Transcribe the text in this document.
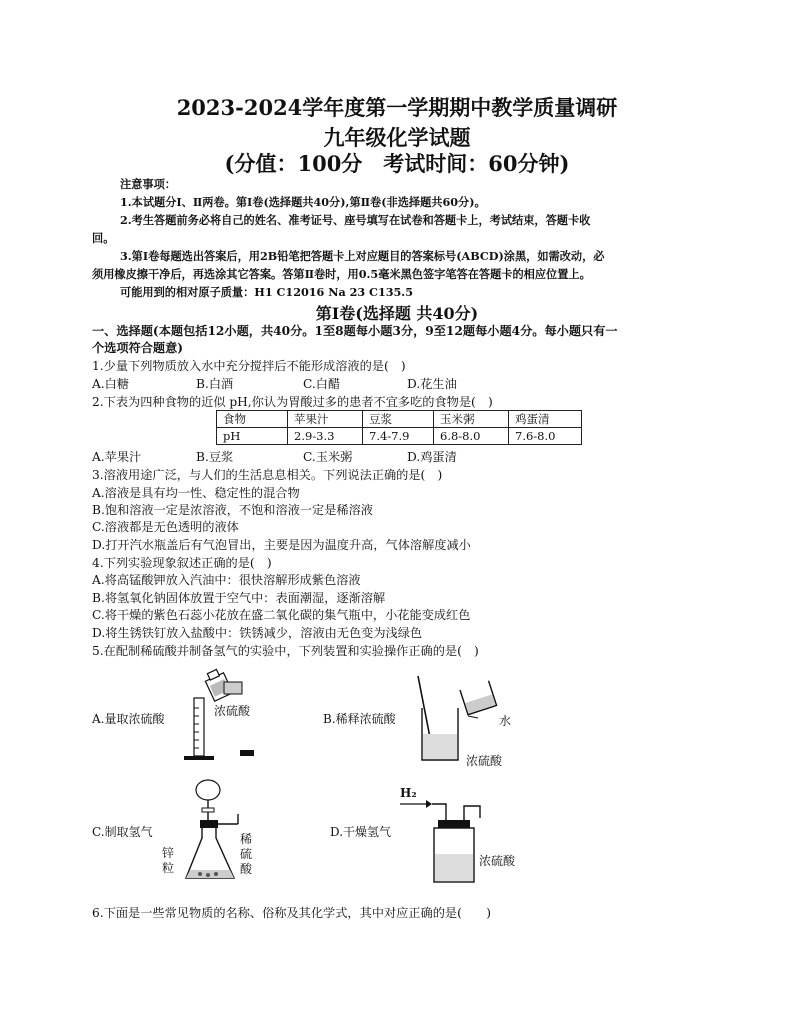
2023-2024学年度第一学期期中教学质量调研
九年级化学试题
(分值：100分　考试时间：60分钟)
注意事项：
1.本试题分Ⅰ、Ⅱ两卷。第Ⅰ卷(选择题共40分),第Ⅱ卷(非选择题共60分)。
2.考生答题前务必将自己的姓名、准考证号、座号填写在试卷和答题卡上，考试结束，答题卡收
回。
3.第Ⅰ卷每题选出答案后，用2B铅笔把答题卡上对应题目的答案标号(ABCD)涂黑，如需改动，必
须用橡皮擦干净后，再选涂其它答案。答第Ⅱ卷时，用0.5毫米黑色签字笔答在答题卡的相应位置上。
可能用到的相对原子质量：H1 C12016 Na 23 C135.5
第Ⅰ卷(选择题 共40分)
一、选择题(本题包括12小题，共40分。1至8题每小题3分，9至12题每小题4分。每小题只有一
个选项符合题意)
1.少量下列物质放入水中充分搅拌后不能形成溶液的是(　)
A.白糖	B.白酒	C.白醋	D.花生油
2.下表为四种食物的近似 pH,你认为胃酸过多的患者不宜多吃的食物是(　)
食物	苹果汁	豆浆	玉米粥	鸡蛋清
pH	2.9-3.3	7.4-7.9	6.8-8.0	7.6-8.0
A.苹果汁	B.豆浆	C.玉米粥	D.鸡蛋清
3.溶液用途广泛，与人们的生活息息相关。下列说法正确的是(　)
A.溶液是具有均一性、稳定性的混合物
B.饱和溶液一定是浓溶液，不饱和溶液一定是稀溶液
C.溶液都是无色透明的液体
D.打开汽水瓶盖后有气泡冒出，主要是因为温度升高，气体溶解度减小
4.下列实验现象叙述正确的是(　)
A.将高锰酸钾放入汽油中：很快溶解形成紫色溶液
B.将氢氧化钠固体放置于空气中：表面潮湿，逐渐溶解
C.将干燥的紫色石蕊小花放在盛二氧化碳的集气瓶中，小花能变成红色
D.将生锈铁钉放入盐酸中：铁锈减少，溶液由无色变为浅绿色
5.在配制稀硫酸并制备氢气的实验中，下列装置和实验操作正确的是(　)
A.量取浓硫酸
浓硫酸
B.稀释浓硫酸	水
浓硫酸
C.制取氢气
锌粒
稀硫酸
D.干燥氢气
H₂
浓硫酸
6.下面是一些常见物质的名称、俗称及其化学式，其中对应正确的是(　　)
